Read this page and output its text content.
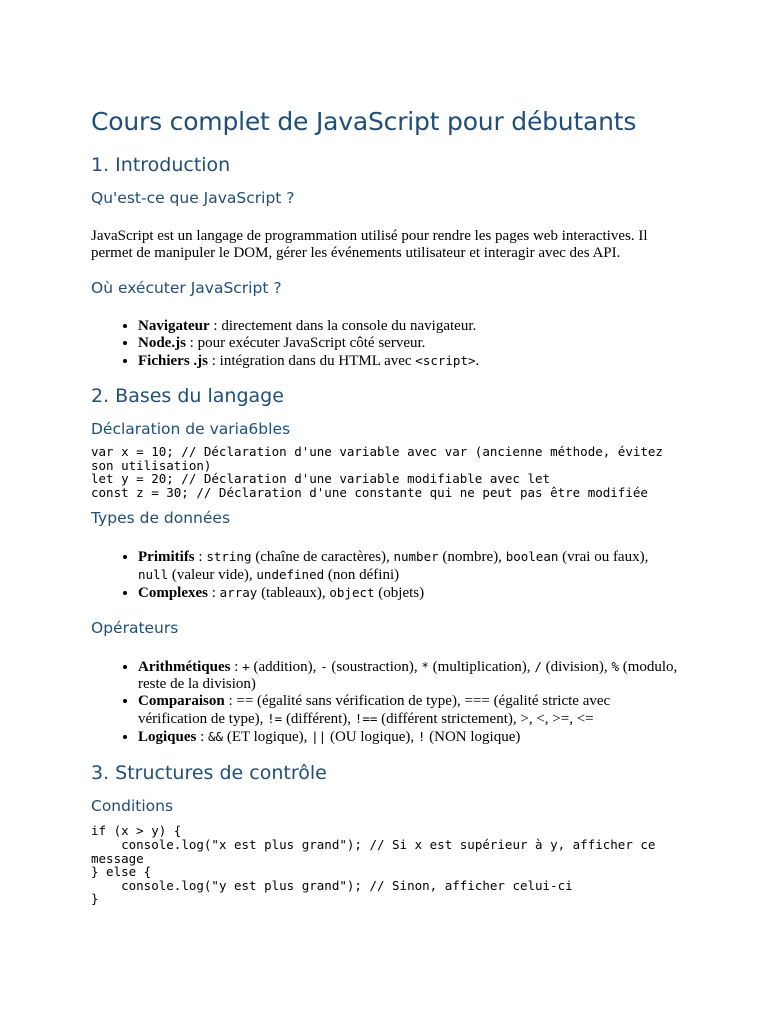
Cours complet de JavaScript pour débutants
1. Introduction
Qu'est-ce que JavaScript ?

JavaScript est un langage de programmation utilisé pour rendre les pages web interactives. Il permet de manipuler le DOM, gérer les événements utilisateur et interagir avec des API.

Où exécuter JavaScript ?
• Navigateur : directement dans la console du navigateur.
• Node.js : pour exécuter JavaScript côté serveur.
• Fichiers .js : intégration dans du HTML avec <script>.
2. Bases du langage
Déclaration de varia6bles
var x = 10; // Déclaration d'une variable avec var (ancienne méthode, évitez son utilisation)
let y = 20; // Déclaration d'une variable modifiable avec let
const z = 30; // Déclaration d'une constante qui ne peut pas être modifiée
Types de données
• Primitifs : string (chaîne de caractères), number (nombre), boolean (vrai ou faux), null (valeur vide), undefined (non défini)
• Complexes : array (tableaux), object (objets)
Opérateurs
• Arithmétiques : + (addition), - (soustraction), * (multiplication), / (division), % (modulo, reste de la division)
• Comparaison : == (égalité sans vérification de type), === (égalité stricte avec vérification de type), != (différent), !== (différent strictement), >, <, >=, <=
• Logiques : && (ET logique), || (OU logique), ! (NON logique)
3. Structures de contrôle
Conditions
if (x > y) {
console.log("x est plus grand"); // Si x est supérieur à y, afficher ce message
} else {
console.log("y est plus grand"); // Sinon, afficher celui-ci
}
